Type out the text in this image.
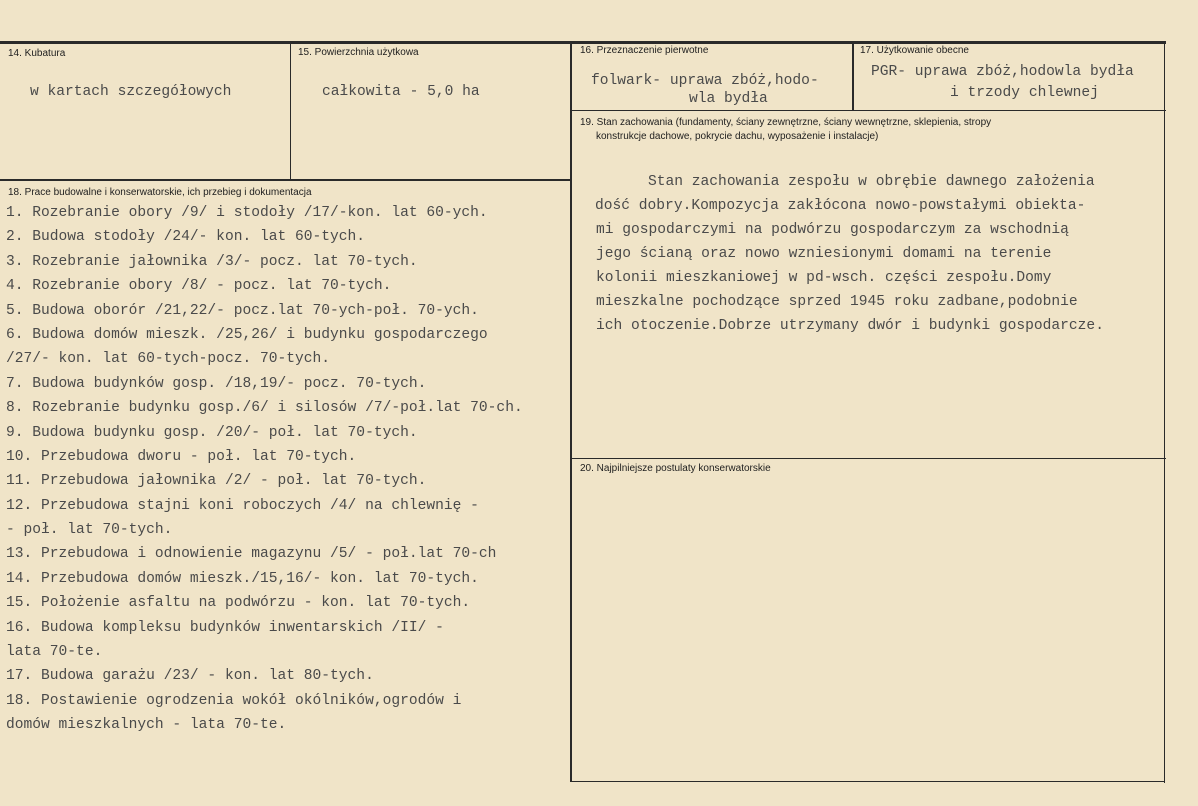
14. Kubatura
w kartach szczegółowych
15. Powierzchnia użytkowa
całkowita - 5,0 ha
16. Przeznaczenie pierwotne
folwark- uprawa zbóż,hodo-
wla bydła
17. Użytkowanie obecne
PGR- uprawa zbóż,hodowla bydła
i trzody chlewnej
18. Prace budowalne i konserwatorskie, ich przebieg i dokumentacja
1. Rozebranie obory /9/ i stodoły /17/-kon. lat 60-ych.
2. Budowa stodoły /24/- kon. lat 60-tych.
3. Rozebranie jałownika /3/- pocz. lat 70-tych.
4. Rozebranie obory /8/ - pocz. lat 70-tych.
5. Budowa oborór /21,22/- pocz.lat 70-ych-poł. 70-ych.
6. Budowa domów mieszk. /25,26/ i budynku gospodarczego
/27/- kon. lat 60-tych-pocz. 70-tych.
7. Budowa budynków gosp. /18,19/- pocz. 70-tych.
8. Rozebranie budynku gosp./6/ i silosów /7/-poł.lat 70-ch.
9. Budowa budynku gosp. /20/- poł. lat 70-tych.
10. Przebudowa dworu - poł. lat 70-tych.
11. Przebudowa jałownika /2/ - poł. lat 70-tych.
12. Przebudowa stajni koni roboczych /4/ na chlewnię -
- poł. lat 70-tych.
13. Przebudowa i odnowienie magazynu /5/ - poł.lat 70-ch
14. Przebudowa domów mieszk./15,16/- kon. lat 70-tych.
15. Położenie asfaltu na podwórzu - kon. lat 70-tych.
16. Budowa kompleksu budynków inwentarskich /II/ -
lata 70-te.
17. Budowa garażu /23/ - kon. lat 80-tych.
18. Postawienie ogrodzenia wokół okólników,ogrodów i
domów mieszkalnych - lata 70-te.
19. Stan zachowania (fundamenty, ściany zewnętrzne, ściany wewnętrzne, sklepienia, stropy
konstrukcje dachowe, pokrycie dachu, wyposażenie i instalacje)
Stan zachowania zespołu w obrębie dawnego założenia
dość dobry.Kompozycja zakłócona nowo-powstałymi obiekta-
mi gospodarczymi na podwórzu gospodarczym za wschodnią
jego ścianą oraz nowo wzniesionymi domami na terenie
kolonii mieszkaniowej w pd-wsch. części zespołu.Domy
mieszkalne pochodzące sprzed 1945 roku zadbane,podobnie
ich otoczenie.Dobrze utrzymany dwór i budynki gospodarcze.
20. Najpilniejsze postulaty konserwatorskie
